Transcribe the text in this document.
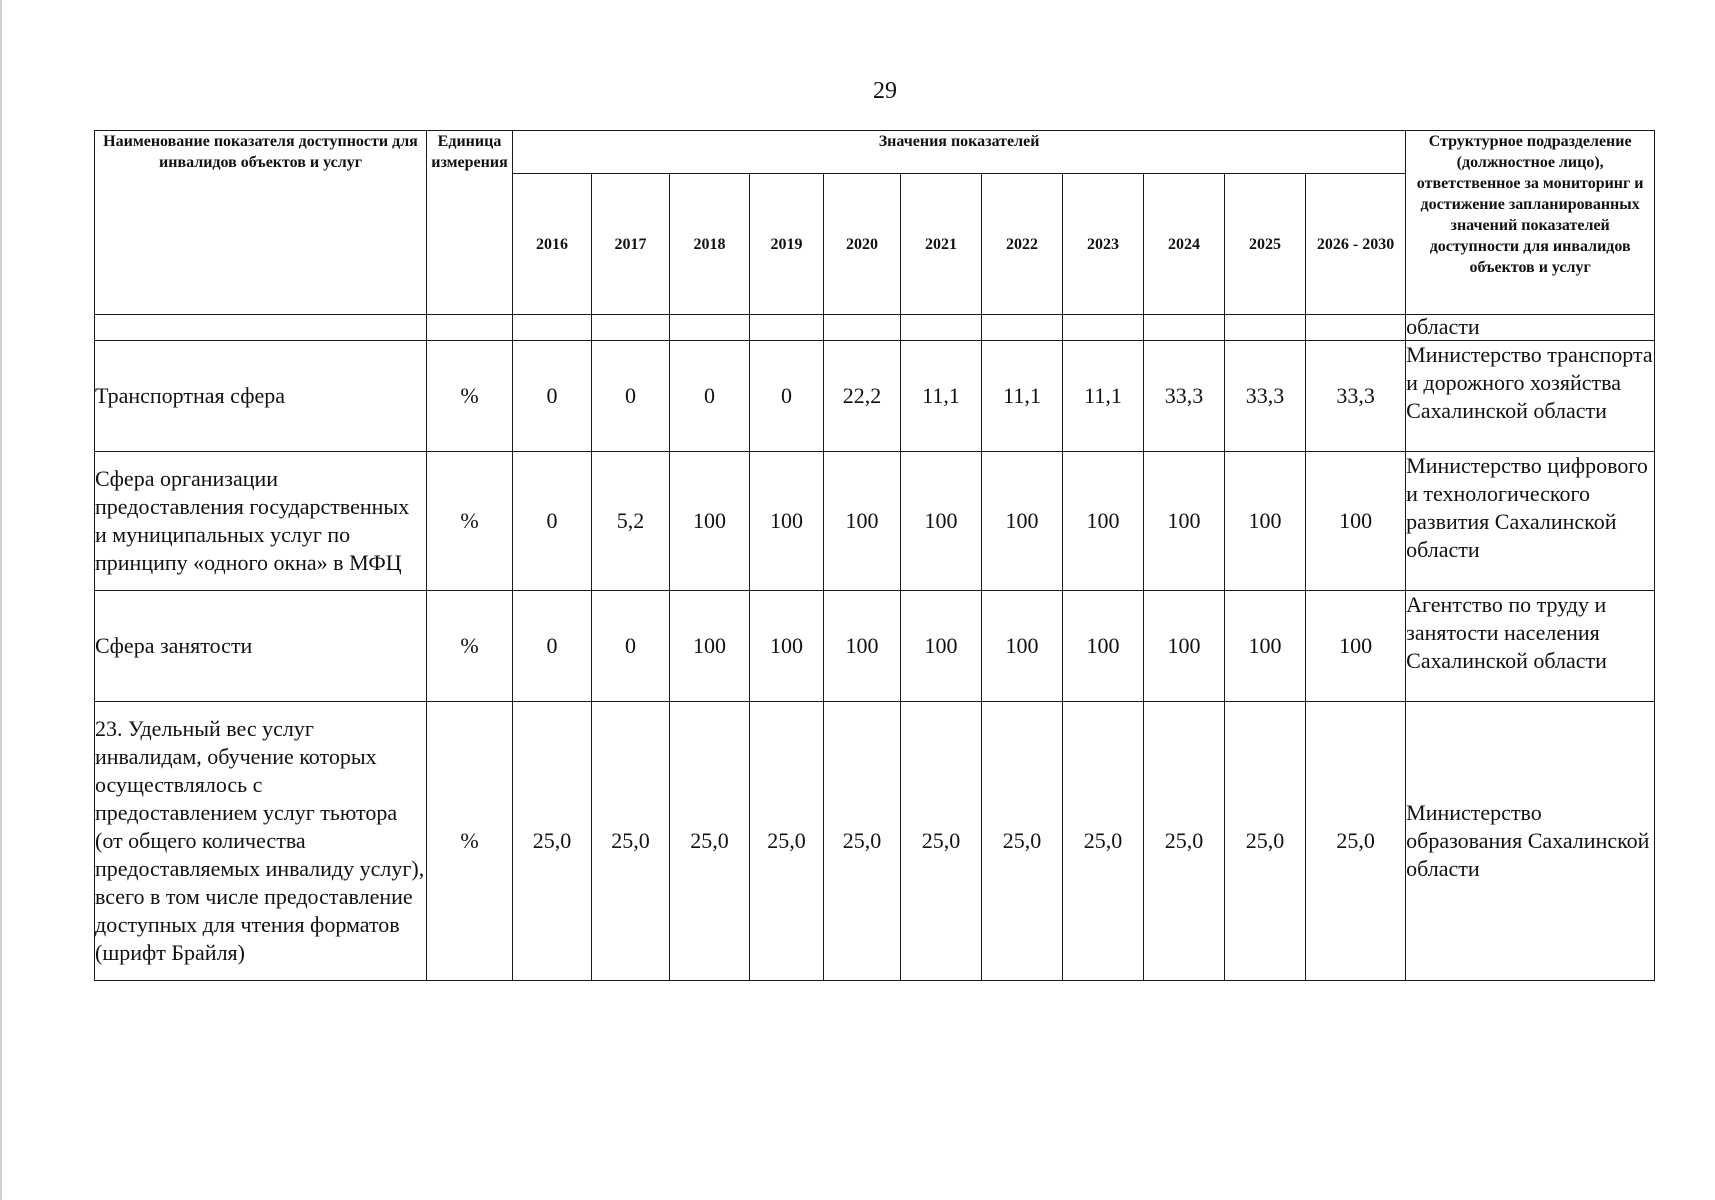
29
Наименование показателя доступности для инвалидов объектов и услуг	Единица измерения	Значения показателей											Структурное подразделение (должностное лицо), ответственное за мониторинг и достижение запланированных значений показателей доступности для инвалидов объектов и услуг
		2016	2017	2018	2019	2020	2021	2022	2023	2024	2025	2026 - 2030	
													области
Транспортная сфера	%	0	0	0	0	22,2	11,1	11,1	11,1	33,3	33,3	33,3	Министерство транспорта и дорожного хозяйства Сахалинской области
Сфера организации предоставления государственных и муниципальных услуг по принципу «одного окна» в МФЦ	%	0	5,2	100	100	100	100	100	100	100	100	100	Министерство цифрового и технологического развития Сахалинской области
Сфера занятости	%	0	0	100	100	100	100	100	100	100	100	100	Агентство по труду и занятости населения Сахалинской области
23. Удельный вес услуг инвалидам, обучение которых осуществлялось с предоставлением услуг тьютора (от общего количества предоставляемых инвалиду услуг), всего в том числе предоставление доступных для чтения форматов (шрифт Брайля)	%	25,0	25,0	25,0	25,0	25,0	25,0	25,0	25,0	25,0	25,0	25,0	Министерство образования Сахалинской области
